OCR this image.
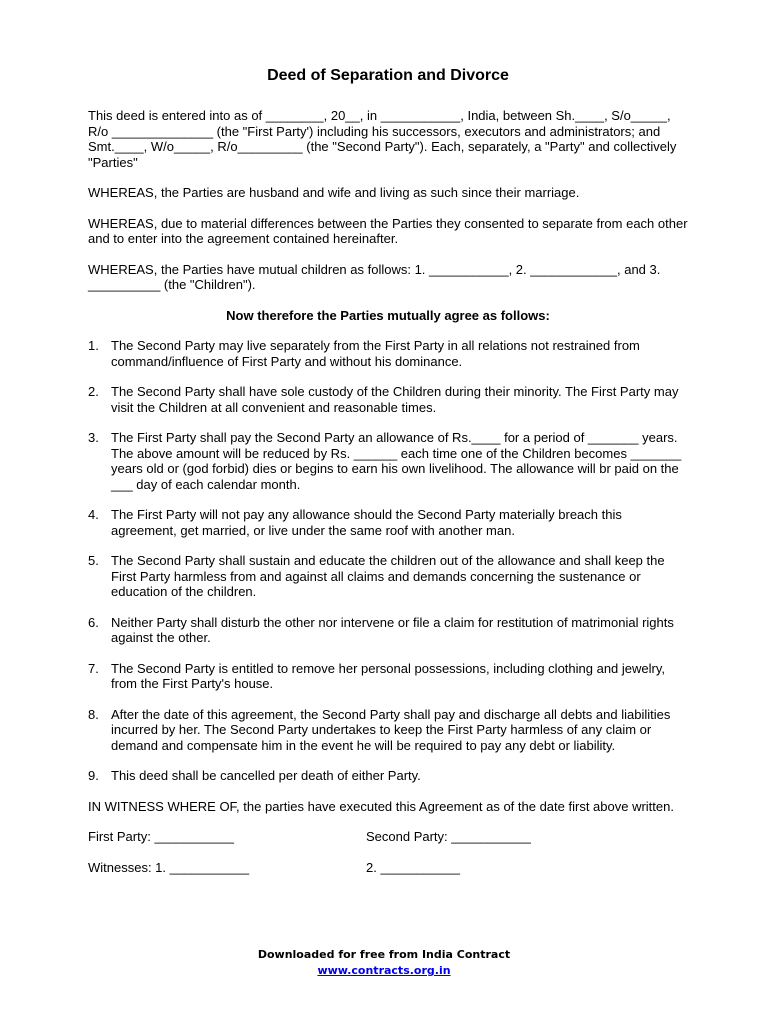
Deed of Separation and Divorce

This deed is entered into as of ________, 20__, in ___________, India, between Sh.____, S/o_____, R/o ______________ (the "First Party') including his successors, executors and administrators; and Smt.____, W/o_____, R/o_________ (the "Second Party"). Each, separately, a "Party" and collectively "Parties"

WHEREAS, the Parties are husband and wife and living as such since their marriage.

WHEREAS, due to material differences between the Parties they consented to separate from each other and to enter into the agreement contained hereinafter.

WHEREAS, the Parties have mutual children as follows: 1. ___________, 2. ____________, and 3. __________ (the "Children").

Now therefore the Parties mutually agree as follows:

1. The Second Party may live separately from the First Party in all relations not restrained from command/influence of First Party and without his dominance.
2. The Second Party shall have sole custody of the Children during their minority. The First Party may visit the Children at all convenient and reasonable times.
3. The First Party shall pay the Second Party an allowance of Rs.____ for a period of _______ years. The above amount will be reduced by Rs. ______ each time one of the Children becomes _______ years old or (god forbid) dies or begins to earn his own livelihood. The allowance will br paid on the ___ day of each calendar month.
4. The First Party will not pay any allowance should the Second Party materially breach this agreement, get married, or live under the same roof with another man.
5. The Second Party shall sustain and educate the children out of the allowance and shall keep the First Party harmless from and against all claims and demands concerning the sustenance or education of the children.
6. Neither Party shall disturb the other nor intervene or file a claim for restitution of matrimonial rights against the other.
7. The Second Party is entitled to remove her personal possessions, including clothing and jewelry, from the First Party's house.
8. After the date of this agreement, the Second Party shall pay and discharge all debts and liabilities incurred by her. The Second Party undertakes to keep the First Party harmless of any claim or demand and compensate him in the event he will be required to pay any debt or liability.
9. This deed shall be cancelled per death of either Party.

IN WITNESS WHERE OF, the parties have executed this Agreement as of the date first above written.

First Party: ___________	Second Party: ___________
Witnesses: 1. ___________	2. ___________
Downloaded for free from India Contract
www.contracts.org.in
